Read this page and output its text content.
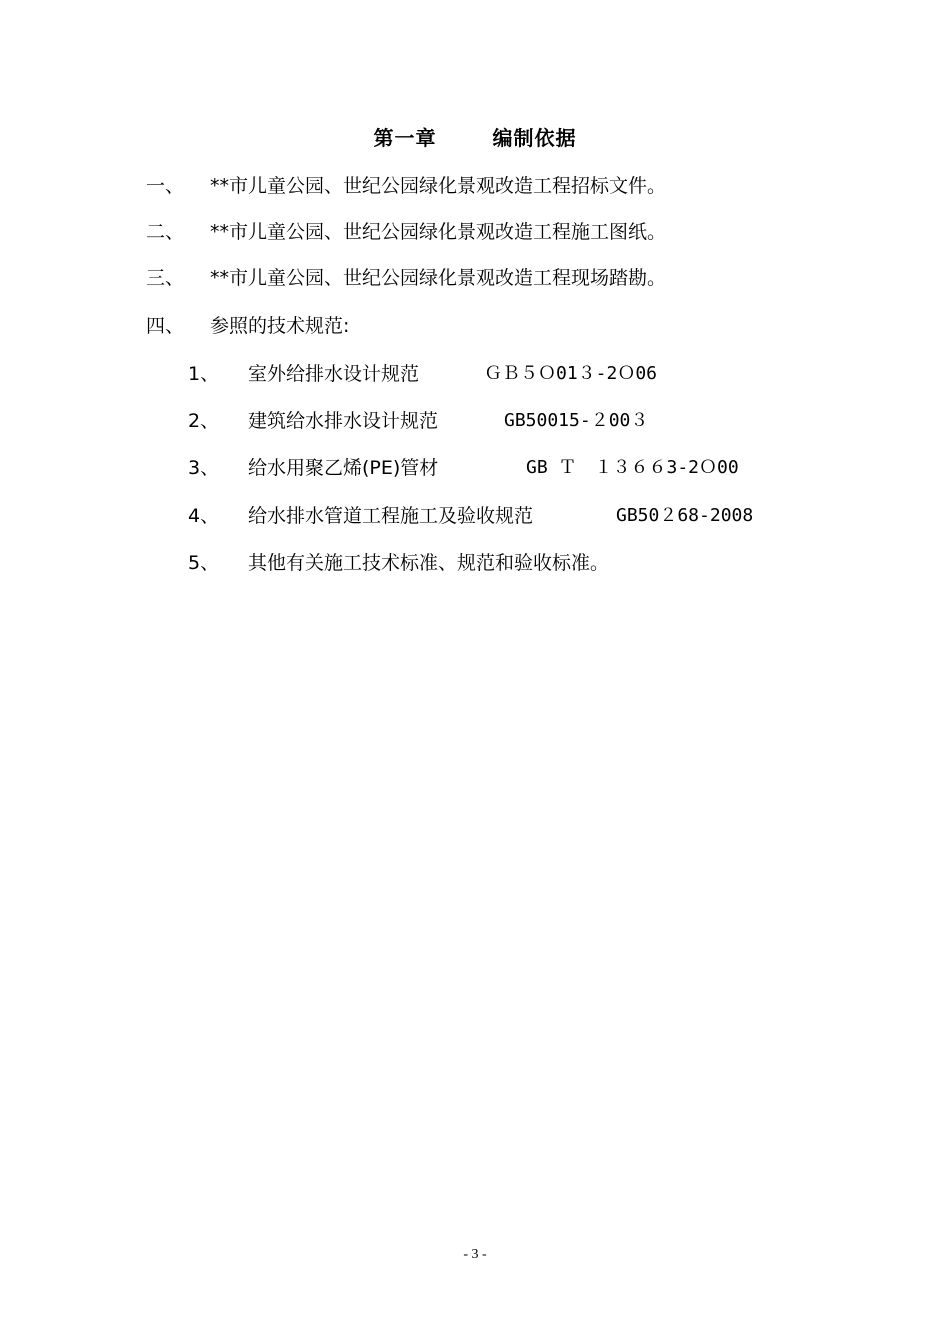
第一章	编制依据
一、 **市儿童公园、世纪公园绿化景观改造工程招标文件。
二、 **市儿童公园、世纪公园绿化景观改造工程施工图纸。
三、 **市儿童公园、世纪公园绿化景观改造工程现场踏勘。
四、 参照的技术规范:
1、 室外给排水设计规范	ＧＢ５Ｏ01３-2Ｏ06
2、 建筑给水排水设计规范	GB50015-２00３
3、 给水用聚乙烯(PE)管材	GB Ｔ　１３６６3-2Ｏ00
4、 给水排水管道工程施工及验收规范	GB50２68-2008
5、 其他有关施工技术标准、规范和验收标准。
- 3 -
